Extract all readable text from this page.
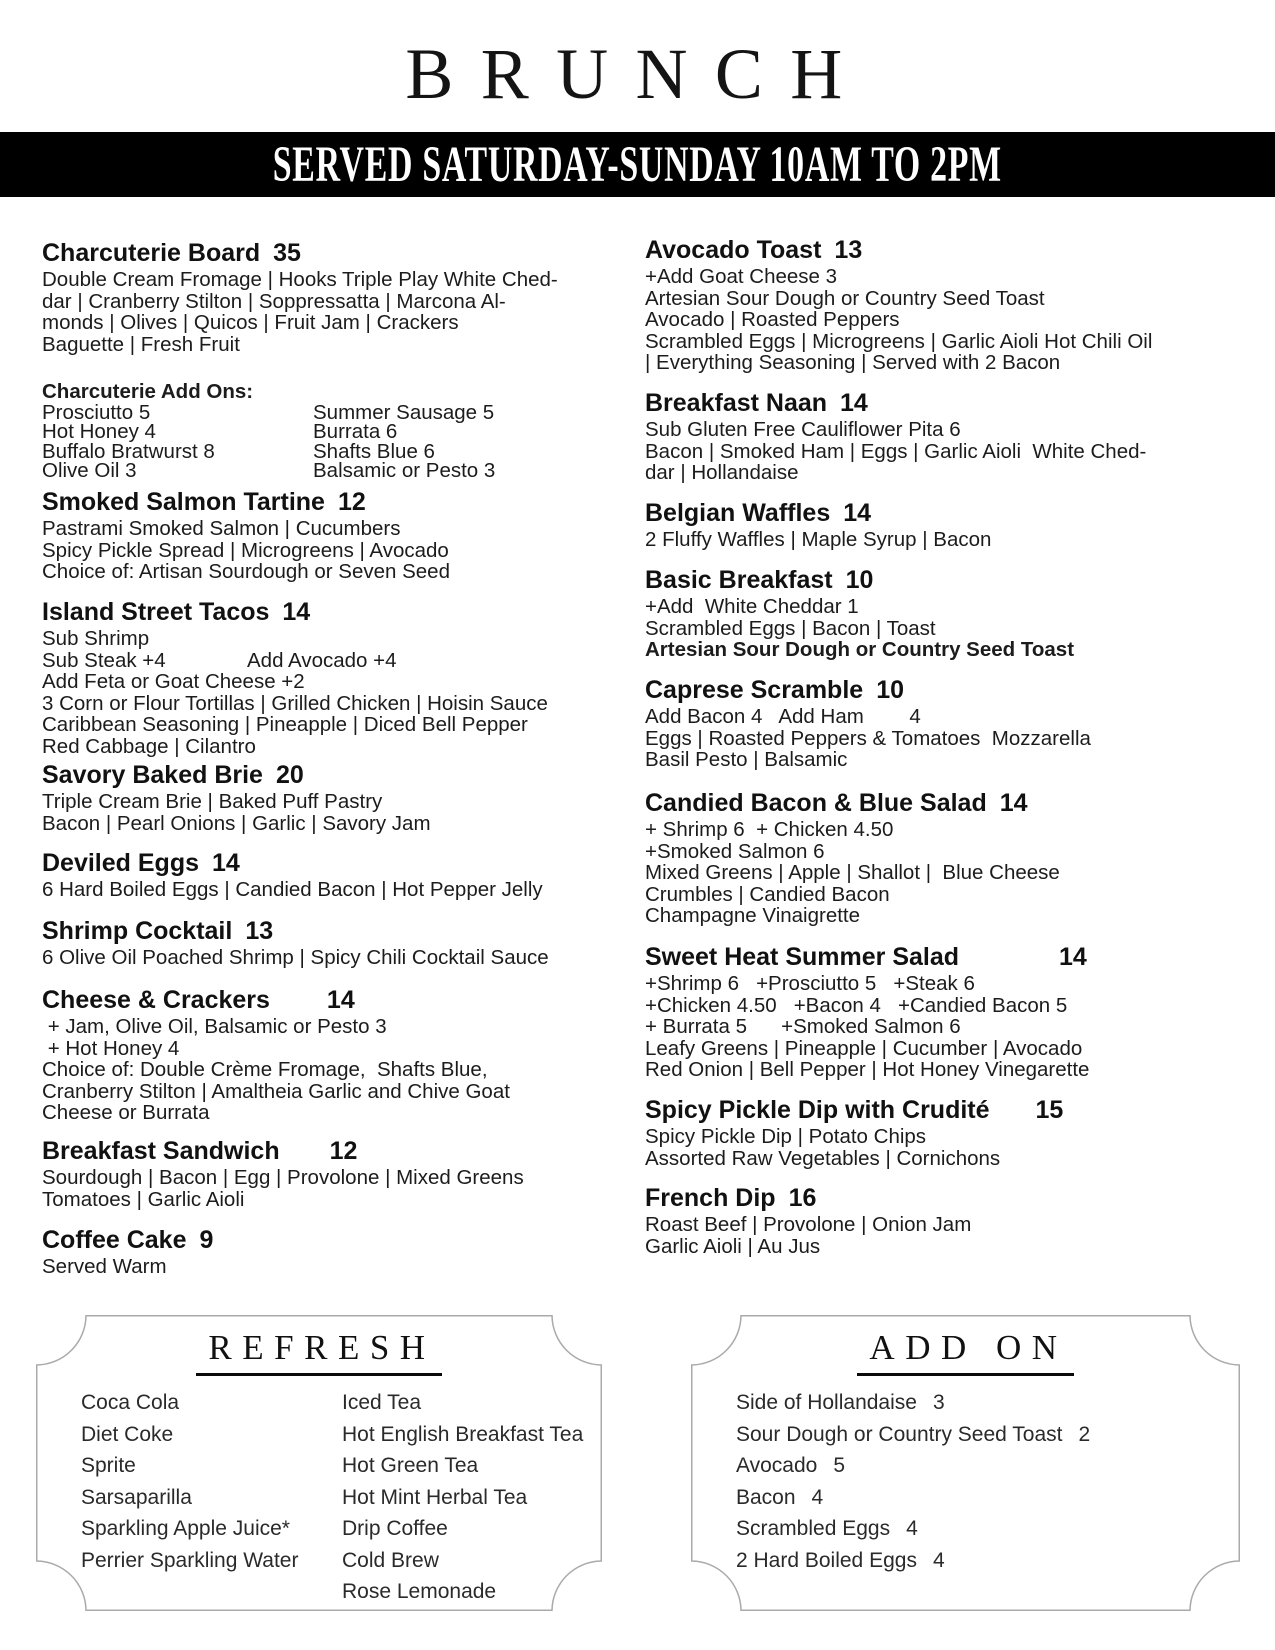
BRUNCH
SERVED SATURDAY-SUNDAY 10AM TO 2PM
Charcuterie Board 35
Double Cream Fromage | Hooks Triple Play White Ched-
dar | Cranberry Stilton | Soppressatta | Marcona Al-
monds | Olives | Quicos | Fruit Jam | Crackers
Baguette | Fresh Fruit
Charcuterie Add Ons:
Prosciutto 5	Summer Sausage 5
Hot Honey 4	Burrata 6
Buffalo Bratwurst 8	Shafts Blue 6
Olive Oil 3	Balsamic or Pesto 3
Smoked Salmon Tartine 12
Pastrami Smoked Salmon | Cucumbers
Spicy Pickle Spread | Microgreens | Avocado
Choice of: Artisan Sourdough or Seven Seed
Island Street Tacos 14
Sub Shrimp
Sub Steak +4	Add Avocado +4
Add Feta or Goat Cheese +2
3 Corn or Flour Tortillas | Grilled Chicken | Hoisin Sauce
Caribbean Seasoning | Pineapple | Diced Bell Pepper
Red Cabbage | Cilantro
Savory Baked Brie 20
Triple Cream Brie | Baked Puff Pastry
Bacon | Pearl Onions | Garlic | Savory Jam
Deviled Eggs 14
6 Hard Boiled Eggs | Candied Bacon | Hot Pepper Jelly
Shrimp Cocktail 13
6 Olive Oil Poached Shrimp | Spicy Chili Cocktail Sauce
Cheese & Crackers 14
+ Jam, Olive Oil, Balsamic or Pesto 3
+ Hot Honey 4
Choice of: Double Crème Fromage,  Shafts Blue,
Cranberry Stilton | Amaltheia Garlic and Chive Goat
Cheese or Burrata
Breakfast Sandwich 12
Sourdough | Bacon | Egg | Provolone | Mixed Greens
Tomatoes | Garlic Aioli
Coffee Cake 9
Served Warm
Avocado Toast 13
+Add Goat Cheese 3
Artesian Sour Dough or Country Seed Toast
Avocado | Roasted Peppers
Scrambled Eggs | Microgreens | Garlic Aioli Hot Chili Oil
| Everything Seasoning | Served with 2 Bacon
Breakfast Naan 14
Sub Gluten Free Cauliflower Pita 6
Bacon | Smoked Ham | Eggs | Garlic Aioli  White Ched-
dar | Hollandaise
Belgian Waffles 14
2 Fluffy Waffles | Maple Syrup | Bacon
Basic Breakfast 10
+Add  White Cheddar 1
Scrambled Eggs | Bacon | Toast
Artesian Sour Dough or Country Seed Toast
Caprese Scramble 10
Add Bacon 4   Add Ham        4
Eggs | Roasted Peppers & Tomatoes  Mozzarella
Basil Pesto | Balsamic
Candied Bacon & Blue Salad 14
+ Shrimp 6  + Chicken 4.50
+Smoked Salmon 6
Mixed Greens | Apple | Shallot |  Blue Cheese
Crumbles | Candied Bacon
Champagne Vinaigrette
Sweet Heat Summer Salad	14
+Shrimp 6   +Prosciutto 5   +Steak 6
+Chicken 4.50   +Bacon 4   +Candied Bacon 5
+ Burrata 5      +Smoked Salmon 6
Leafy Greens | Pineapple | Cucumber | Avocado
Red Onion | Bell Pepper | Hot Honey Vinegarette
Spicy Pickle Dip with Crudité 15
Spicy Pickle Dip | Potato Chips
Assorted Raw Vegetables | Cornichons
French Dip 16
Roast Beef | Provolone | Onion Jam
Garlic Aioli | Au Jus
REFRESH
Coca Cola
Diet Coke
Sprite
Sarsaparilla
Sparkling Apple Juice*
Perrier Sparkling Water
Iced Tea
Hot English Breakfast Tea
Hot Green Tea
Hot Mint Herbal Tea
Drip Coffee
Cold Brew
Rose Lemonade
ADD ON
Side of Hollandaise 3
Sour Dough or Country Seed Toast 2
Avocado 5
Bacon 4
Scrambled Eggs 4
2 Hard Boiled Eggs 4
